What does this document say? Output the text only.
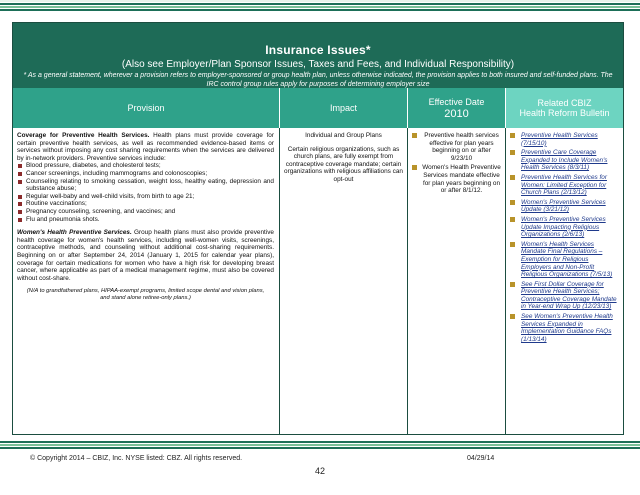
Insurance Issues*
(Also see Employer/Plan Sponsor Issues, Taxes and Fees, and Individual Responsibility)
* As a general statement, wherever a provision refers to employer-sponsored or group health plan, unless otherwise indicated, the provision applies to both insured and self-funded plans. The IRC control group rules apply for purposes of determining employer size
Provision	Impact
Effective Date
2010
Related CBIZ
Health Reform Bulletin

Coverage for Preventive Health Services. Health plans must provide coverage for certain preventive health services, as well as recommended evidence-based items or services without imposing any cost sharing requirements when the services are delivered by in-network providers. Preventive services include:

Blood pressure, diabetes, and cholesterol tests;
Cancer screenings, including mammograms and colonoscopies;
Counseling relating to smoking cessation, weight loss, healthy eating, depression and substance abuse;
Regular well-baby and well-child visits, from birth to age 21;
Routine vaccinations;
Pregnancy counseling, screening, and vaccines; and
Flu and pneumonia shots.

Women's Health Preventive Services. Group health plans must also provide preventive health coverage for women's health services, including well-women visits, screenings, contraceptive methods, and counseling without additional cost-sharing requirements. Beginning on or after September 24, 2014 (January 1, 2015 for calendar year plans), coverage for certain medications for women who have a high risk for developing breast cancer, where applicable as part of a medical management regime, must also be covered without cost-share.

(N/A to grandfathered plans, HIPAA-exempt programs, limited scope dental and vision plans, and stand alone retiree-only plans.)

Individual and Group Plans

Certain religious organizations, such as church plans, are fully exempt from contraceptive coverage mandate; certain organizations with religious affiliations can opt-out

Preventive health services effective for plan years beginning on or after 9/23/10
Women's Health Preventive Services mandate effective for plan years beginning on or after 8/1/12.
Preventive Health Services (7/15/10)
Preventive Care Coverage Expanded to Include Women's Health Services (8/3/11)
Preventive Health Services for Women: Limited Exception for Church Plans (2/13/12)
Women's Preventive Services Update (3/21/12)
Women's Preventive Services Update Impacting Religious Organizations (2/6/13)
Women's Health Services Mandate Final Regulations – Exemption for Religious Employers and Non-Profit Religious Organizations (7/5/13)
See First Dollar Coverage for Preventive Health Services; Contraceptive Coverage Mandate in Year-end Wrap Up (12/23/13)
See Women's Preventive Health Services Expanded in Implementation Guidance FAQs (1/13/14)
© Copyright 2014 – CBIZ, Inc. NYSE listed: CBZ. All rights reserved.	04/29/14
42
